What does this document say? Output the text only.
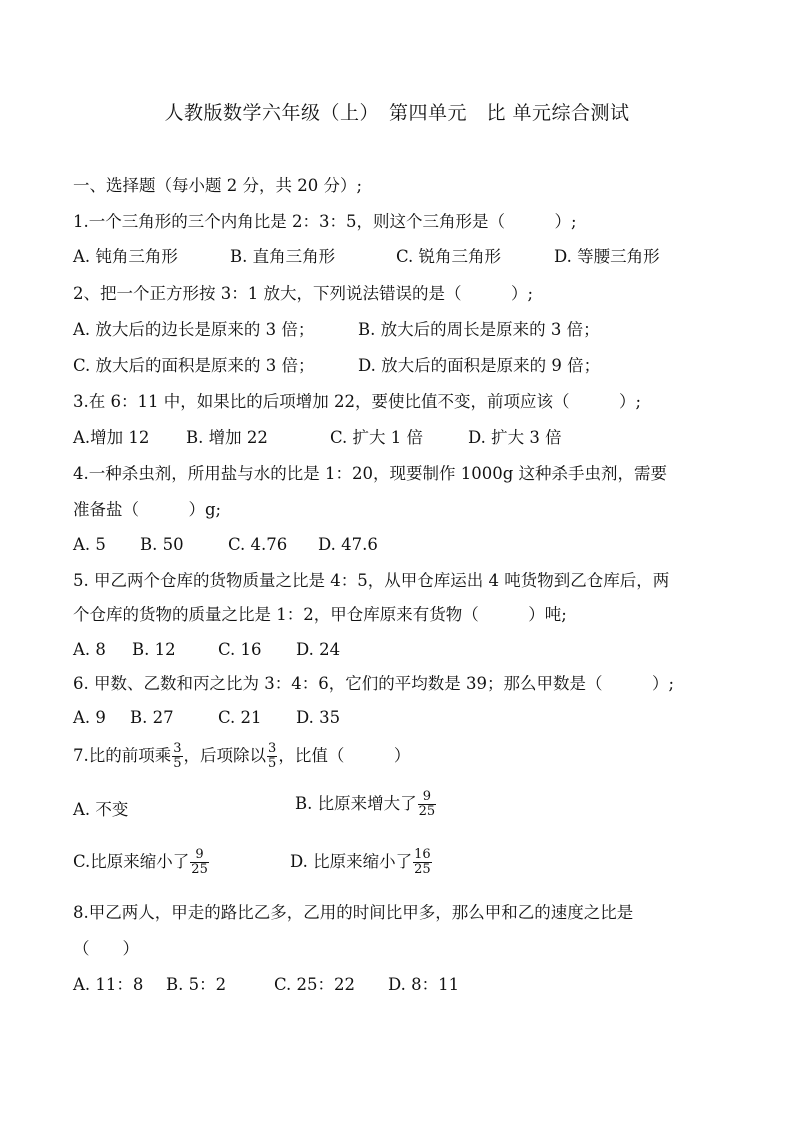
人教版数学六年级（上）　第四单元　比 单元综合测试
一、选择题（每小题 2 分，共 20 分）;
1.一个三角形的三个内角比是 2：3：5，则这个三角形是（　　　）;
A. 钝角三角形	B. 直角三角形	C. 锐角三角形	D. 等腰三角形
2、把一个正方形按 3：1 放大，下列说法错误的是（　　　）;
A. 放大后的边长是原来的 3 倍；	B. 放大后的周长是原来的 3 倍；
C. 放大后的面积是原来的 3 倍；	D. 放大后的面积是原来的 9 倍；
3.在 6：11 中，如果比的后项增加 22，要使比值不变，前项应该（　　　）;
A.增加 12 B. 增加 22	C. 扩大 1 倍	D. 扩大 3 倍
4.一种杀虫剂，所用盐与水的比是 1：20，现要制作 1000g 这种杀手虫剂，需要
准备盐（　　　）g;
A. 5 B. 50	C. 4.76 D. 47.6
5. 甲乙两个仓库的货物质量之比是 4：5，从甲仓库运出 4 吨货物到乙仓库后，两
个仓库的货物的质量之比是 1：2，甲仓库原来有货物（　　　）吨;
A. 8 B. 12	C. 16 D. 24
6. 甲数、乙数和丙之比为 3：4：6，它们的平均数是 39；那么甲数是（　　　）;
A. 9 B. 27	C. 21 D. 35
7.比的前项乘 $\frac{3}{5}$ ，后项除以 $\frac{3}{5}$ ，比值（　　　）
A. 不变	B. 比原来增大了 $\frac{9}{25}$
C.比原来缩小了 $\frac{9}{25}$	D. 比原来缩小了 $\frac{16}{25}$
8.甲乙两人，甲走的路比乙多，乙用的时间比甲多，那么甲和乙的速度之比是
（　　）
A. 11：8 B. 5：2	C. 25：22 D. 8：11
